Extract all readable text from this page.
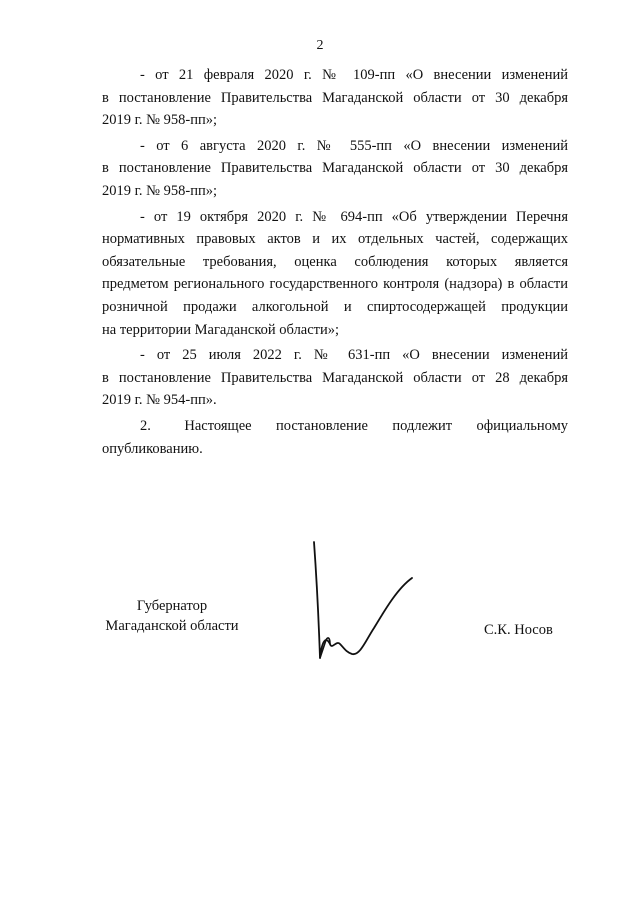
2
- от 21 февраля 2020 г. № 109-пп «О внесении изменений
в постановление Правительства Магаданской области от 30 декабря
2019 г. № 958-пп»;
- от 6 августа 2020 г. № 555-пп «О внесении изменений
в постановление Правительства Магаданской области от 30 декабря
2019 г. № 958-пп»;
- от 19 октября 2020 г. № 694-пп «Об утверждении Перечня
нормативных правовых актов и их отдельных частей, содержащих
обязательные требования, оценка соблюдения которых является
предметом регионального государственного контроля (надзора) в области
розничной продажи алкогольной и спиртосодержащей продукции
на территории Магаданской области»;
- от 25 июля 2022 г. № 631-пп «О внесении изменений
в постановление Правительства Магаданской области от 28 декабря
2019 г. № 954-пп».
2. Настоящее постановление подлежит официальному
опубликованию.
Губернатор
Магаданской области	С.К. Носов
